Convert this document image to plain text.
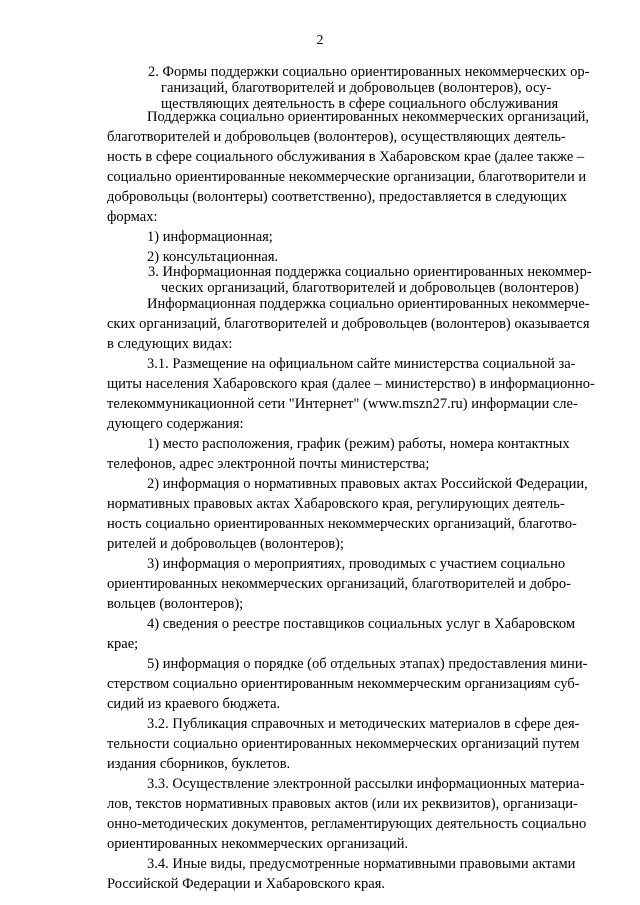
2
2. Формы поддержки социально ориентированных некоммерческих ор-
ганизаций, благотворителей и добровольцев (волонтеров), осу-
ществляющих деятельность в сфере социального обслуживания
Поддержка социально ориентированных некоммерческих организаций,
благотворителей и добровольцев (волонтеров), осуществляющих деятель-
ность в сфере социального обслуживания в Хабаровском крае (далее также –
социально ориентированные некоммерческие организации, благотворители и
добровольцы (волонтеры) соответственно), предоставляется в следующих
формах:
1) информационная;
2) консультационная.
3. Информационная поддержка социально ориентированных некоммер-
ческих организаций, благотворителей и добровольцев (волонтеров)
Информационная поддержка социально ориентированных некоммерче-
ских организаций, благотворителей и добровольцев (волонтеров) оказывается
в следующих видах:
3.1. Размещение на официальном сайте министерства социальной за-
щиты населения Хабаровского края (далее – министерство) в информационно-
телекоммуникационной сети "Интернет" (www.mszn27.ru) информации сле-
дующего содержания:
1) место расположения, график (режим) работы, номера контактных
телефонов, адрес электронной почты министерства;
2) информация о нормативных правовых актах Российской Федерации,
нормативных правовых актах Хабаровского края, регулирующих деятель-
ность социально ориентированных некоммерческих организаций, благотво-
рителей и добровольцев (волонтеров);
3) информация о мероприятиях, проводимых с участием социально
ориентированных некоммерческих организаций, благотворителей и добро-
вольцев (волонтеров);
4) сведения о реестре поставщиков социальных услуг в Хабаровском
крае;
5) информация о порядке (об отдельных этапах) предоставления мини-
стерством социально ориентированным некоммерческим организациям суб-
сидий из краевого бюджета.
3.2. Публикация справочных и методических материалов в сфере дея-
тельности социально ориентированных некоммерческих организаций путем
издания сборников, буклетов.
3.3. Осуществление электронной рассылки информационных материа-
лов, текстов нормативных правовых актов (или их реквизитов), организаци-
онно-методических документов, регламентирующих деятельность социально
ориентированных некоммерческих организаций.
3.4. Иные виды, предусмотренные нормативными правовыми актами
Российской Федерации и Хабаровского края.
